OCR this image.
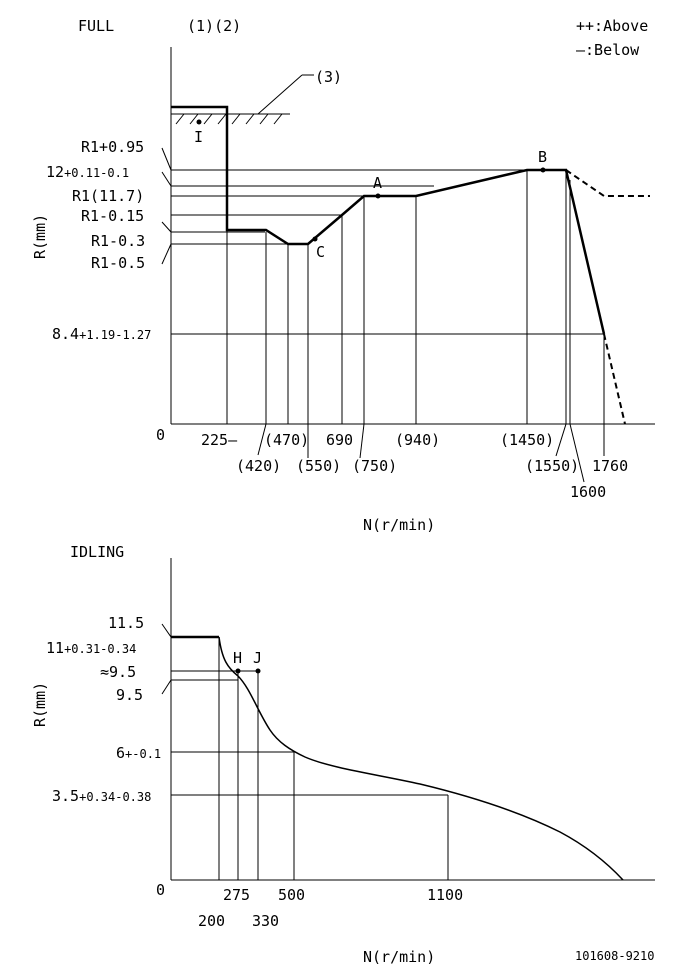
FULL	(1)(2)
(3)
++:Above
—:Below
0
R(mm)
N(r/min)
I
A
B
C
R1+0.95
12+0.11-0.1
R1(11.7)
R1-0.15
R1-0.3
R1-0.5
8.4+1.19-1.27
225—
(420)
(470)
(550)
690
(750)
(940)	(1450)
(1550)
1600
1760
IDLING
0
R(mm)
N(r/min)
H J
11.5
11+0.31-0.34
≈9.5
9.5
6+-0.1
3.5+0.34-0.38
200
275
330
500	1100
101608-9210
